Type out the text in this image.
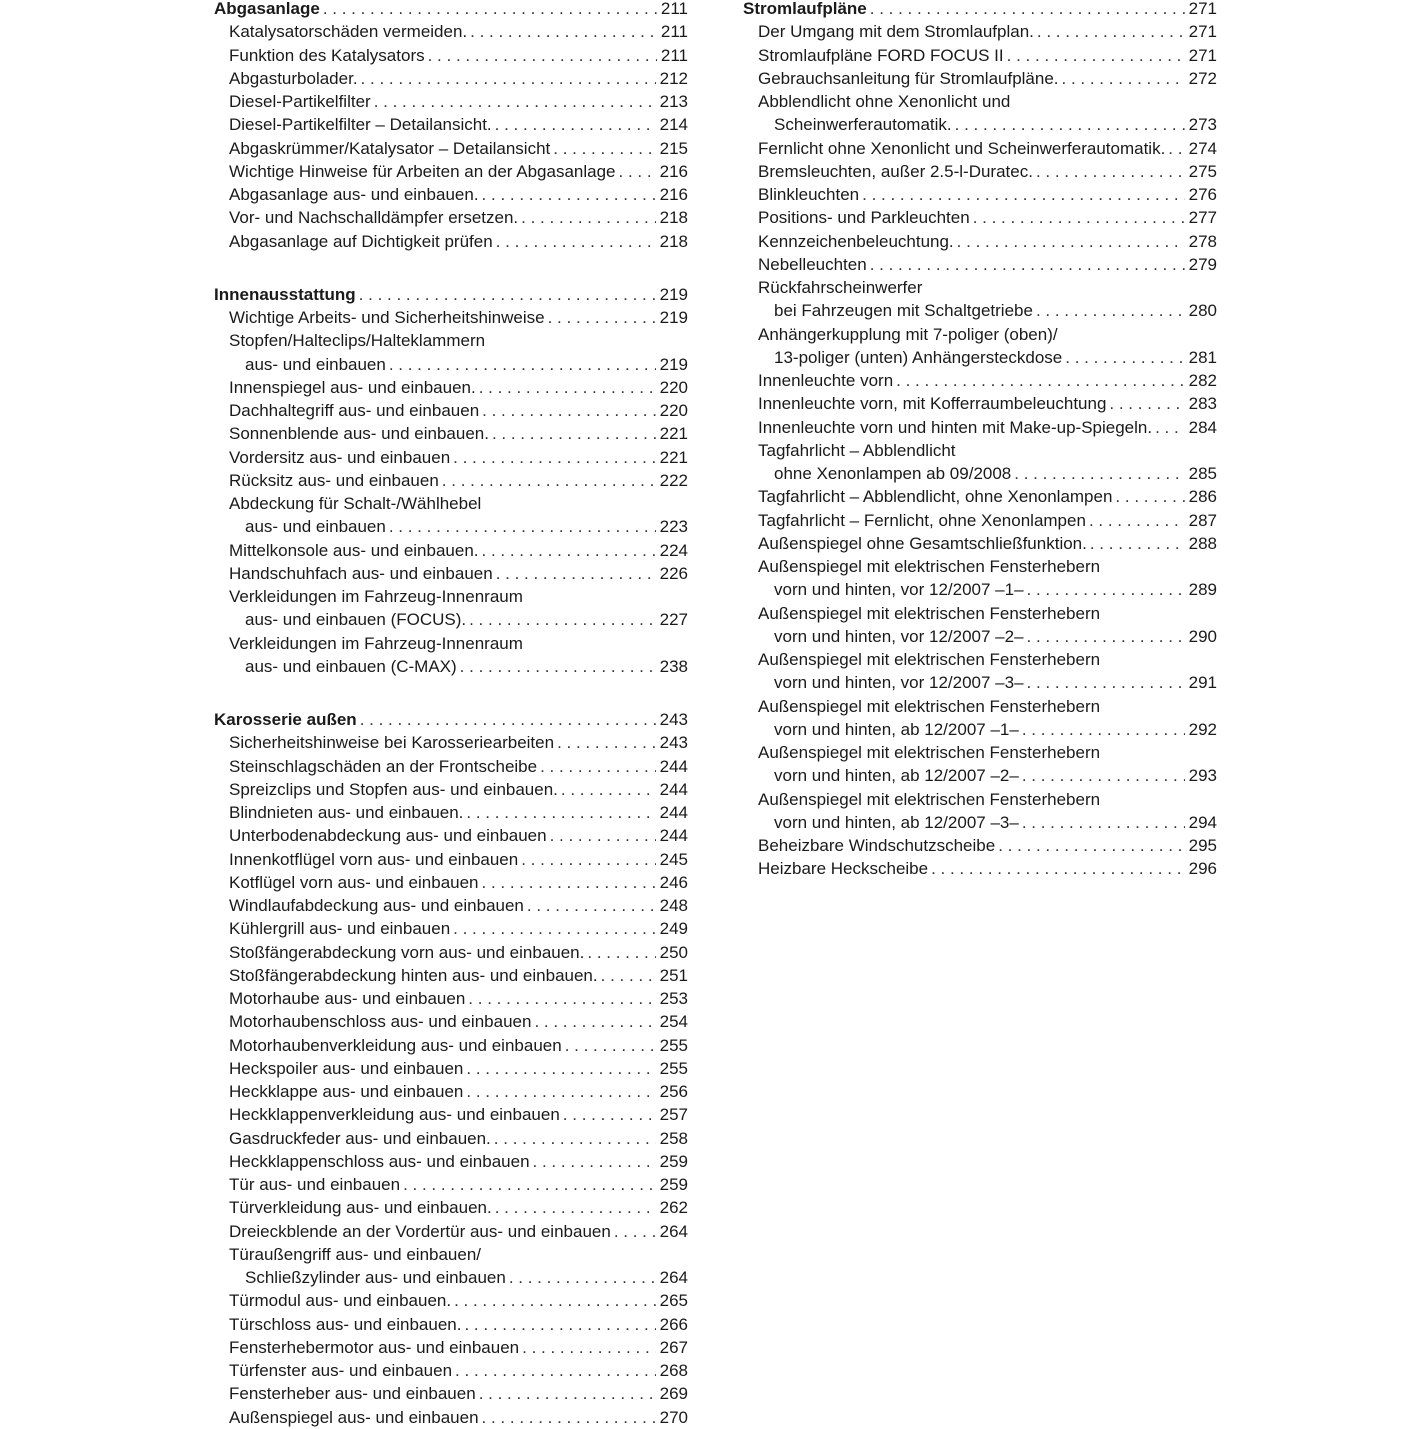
Abgasanlage . . .	211
Katalysatorschäden vermeiden. . . .	211
Funktion des Katalysators . . .	211
Abgasturbolader. . . .	212
Diesel-Partikelfilter . . .	213
Diesel-Partikelfilter – Detailansicht. . . .	214
Abgaskrümmer/Katalysator – Detailansicht . . .	215
Wichtige Hinweise für Arbeiten an der Abgasanlage . . .	216
Abgasanlage aus- und einbauen. . . .	216
Vor- und Nachschalldämpfer ersetzen. . . .	218
Abgasanlage auf Dichtigkeit prüfen . . .	218
Innenausstattung . . .	219
Wichtige Arbeits- und Sicherheitshinweise . . .	219
Stopfen/Halteclips/Halteklammern
aus- und einbauen . . .	219
Innenspiegel aus- und einbauen. . . .	220
Dachhaltegriff aus- und einbauen . . .	220
Sonnenblende aus- und einbauen. . . .	221
Vordersitz aus- und einbauen . . .	221
Rücksitz aus- und einbauen . . .	222
Abdeckung für Schalt-/Wählhebel
aus- und einbauen . . .	223
Mittelkonsole aus- und einbauen. . . .	224
Handschuhfach aus- und einbauen . . .	226
Verkleidungen im Fahrzeug-Innenraum
aus- und einbauen (FOCUS). . . .	227
Verkleidungen im Fahrzeug-Innenraum
aus- und einbauen (C-MAX) . . .	238
Karosserie außen . . .	243
Sicherheitshinweise bei Karosseriearbeiten . . .	243
Steinschlagschäden an der Frontscheibe . . .	244
Spreizclips und Stopfen aus- und einbauen. . . .	244
Blindnieten aus- und einbauen. . . .	244
Unterbodenabdeckung aus- und einbauen . . .	244
Innenkotflügel vorn aus- und einbauen . . .	245
Kotflügel vorn aus- und einbauen . . .	246
Windlaufabdeckung aus- und einbauen . . .	248
Kühlergrill aus- und einbauen . . .	249
Stoßfängerabdeckung vorn aus- und einbauen. . . .	250
Stoßfängerabdeckung hinten aus- und einbauen. . . .	251
Motorhaube aus- und einbauen . . .	253
Motorhaubenschloss aus- und einbauen . . .	254
Motorhaubenverkleidung aus- und einbauen . . .	255
Heckspoiler aus- und einbauen . . .	255
Heckklappe aus- und einbauen . . .	256
Heckklappenverkleidung aus- und einbauen . . .	257
Gasdruckfeder aus- und einbauen. . . .	258
Heckklappenschloss aus- und einbauen . . .	259
Tür aus- und einbauen . . .	259
Türverkleidung aus- und einbauen. . . .	262
Dreieckblende an der Vordertür aus- und einbauen . . .	264
Türaußengriff aus- und einbauen/
Schließzylinder aus- und einbauen . . .	264
Türmodul aus- und einbauen. . . .	265
Türschloss aus- und einbauen. . . .	266
Fensterhebermotor aus- und einbauen . . .	267
Türfenster aus- und einbauen . . .	268
Fensterheber aus- und einbauen . . .	269
Außenspiegel aus- und einbauen . . .	270
Stromlaufpläne . . .	271
Der Umgang mit dem Stromlaufplan. . . .	271
Stromlaufpläne FORD FOCUS II . . .	271
Gebrauchsanleitung für Stromlaufpläne. . . .	272
Abblendlicht ohne Xenonlicht und
Scheinwerferautomatik. . . .	273
Fernlicht ohne Xenonlicht und Scheinwerferautomatik. . . . 274
Bremsleuchten, außer 2.5-l-Duratec. . . .	275
Blinkleuchten . . .	276
Positions- und Parkleuchten . . .	277
Kennzeichenbeleuchtung. . . .	278
Nebelleuchten . . .	279
Rückfahrscheinwerfer
bei Fahrzeugen mit Schaltgetriebe . . .	280
Anhängerkupplung mit 7-poliger (oben)/
13-poliger (unten) Anhängersteckdose . . .	281
Innenleuchte vorn . . .	282
Innenleuchte vorn, mit Kofferraumbeleuchtung . . .	283
Innenleuchte vorn und hinten mit Make-up-Spiegeln. . . . 284
Tagfahrlicht – Abblendlicht
ohne Xenonlampen ab 09/2008 . . .	285
Tagfahrlicht – Abblendlicht, ohne Xenonlampen . . .	286
Tagfahrlicht – Fernlicht, ohne Xenonlampen . . .	287
Außenspiegel ohne Gesamtschließfunktion. . . .	288
Außenspiegel mit elektrischen Fensterhebern
vorn und hinten, vor 12/2007 –1– . . .	289
Außenspiegel mit elektrischen Fensterhebern
vorn und hinten, vor 12/2007 –2– . . .	290
Außenspiegel mit elektrischen Fensterhebern
vorn und hinten, vor 12/2007 –3– . . .	291
Außenspiegel mit elektrischen Fensterhebern
vorn und hinten, ab 12/2007 –1– . . .	292
Außenspiegel mit elektrischen Fensterhebern
vorn und hinten, ab 12/2007 –2– . . .	293
Außenspiegel mit elektrischen Fensterhebern
vorn und hinten, ab 12/2007 –3– . . .	294
Beheizbare Windschutzscheibe . . .	295
Heizbare Heckscheibe . . .	296
